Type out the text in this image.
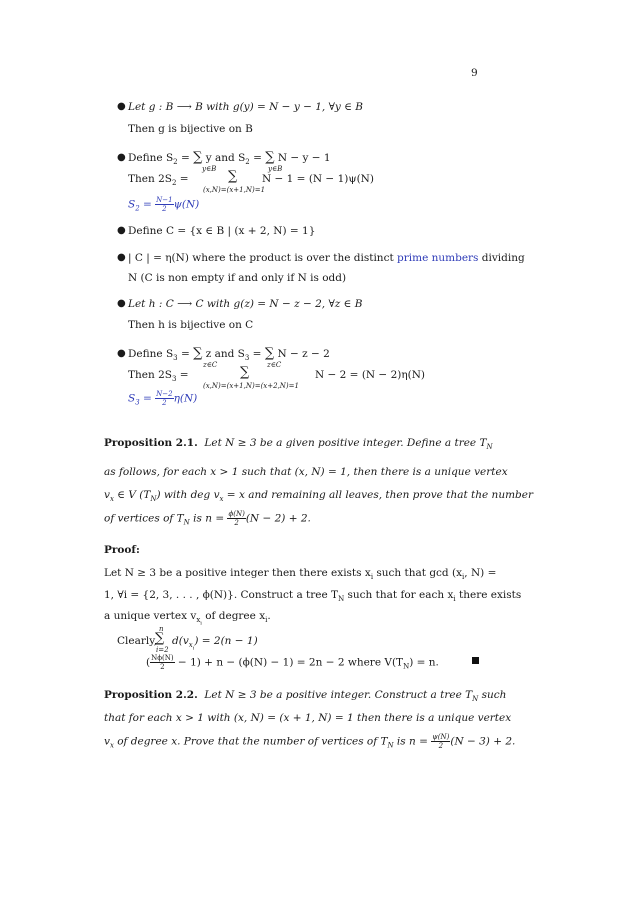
9
● Let g : B ⟶ B with g(y) = N − y − 1, ∀y ∈ B
Then g is bijective on B
● Define $S_2$ = ∑ y and $S_2$ = ∑ N − y − 1
y∈B	y∈B
Then $2S_2$ =	∑ N − 1 = (N − 1)ψ(N)
(x,N)=(x+1,N)=1
$S_2 = \frac{N-1}{2} \psi(N)$
● Define C = {x ∈ B | (x + 2, N) = 1}
● | C | = η(N) where the product is over the distinct prime numbers dividing
N (C is non empty if and only if N is odd)
● Let h : C ⟶ C with g(z) = N − z − 2, ∀z ∈ B
Then h is bijective on C
● Define $S_3$ = ∑ z and $S_3$ = ∑ N − z − 2
z∈C	z∈C
Then $2S_3$ =	∑	N − 2 = (N − 2)η(N)
(x,N)=(x+1,N)=(x+2,N)=1
$S_3 = \frac{N-2}{2} \eta(N)$
Proposition 2.1. Let N ≥ 3 be a given positive integer. Define a tree $T_N$
as follows, for each x > 1 such that (x, N) = 1, then there is a unique vertex
$v_x$ ∈ V $(T_N)$ with deg $v_x = x$ and remaining all leaves, then prove that the number
of vertices of $T_N$ is $n = \frac{\phi(N)}{2} (N - 2) + 2$.
Proof:
Let N ≥ 3 be a positive integer then there exists $x_i$ such that $\gcd (x_i$, N) =
1, ∀i = {2, 3, . . . , ϕ(N)}. Construct a tree $T_N$ such that for each $x_i$ there exists
a unique vertex $v_{x_i}$ of degree $x_i$.
n
Clearly,
∑ $d(v_{x_i}) = 2(n - 1)$
i=2
( $\frac{N\phi(N)}{2} - 1) + n - (\phi(N) - 1) = 2n - 2$ where $V(T_N) = n$.
Proposition 2.2. Let N ≥ 3 be a positive integer. Construct a tree $T_N$ such
that for each x > 1 with (x, N) = (x + 1, N) = 1 then there is a unique vertex
$v_x$ of degree x. Prove that the number of vertices of $T_N$ is $n = \frac{\psi(N)}{2} (N - 3) + 2$.
